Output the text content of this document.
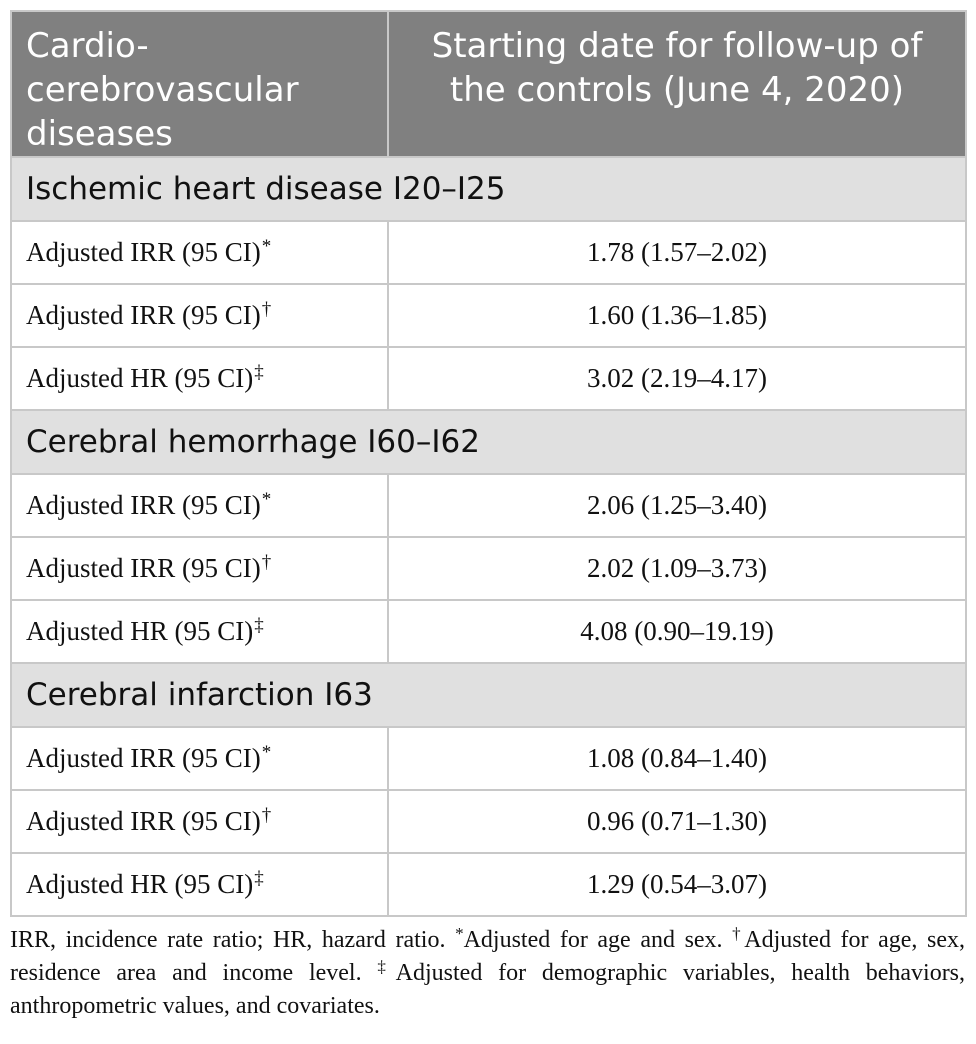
Cardio-cerebrovascular diseases	Starting date for follow-up of the controls (June 4, 2020)
Ischemic heart disease I20–I25	
Adjusted IRR (95 CI)*	1.78 (1.57–2.02)
Adjusted IRR (95 CI)†	1.60 (1.36–1.85)
Adjusted HR (95 CI)‡	3.02 (2.19–4.17)
Cerebral hemorrhage I60–I62	
Adjusted IRR (95 CI)*	2.06 (1.25–3.40)
Adjusted IRR (95 CI)†	2.02 (1.09–3.73)
Adjusted HR (95 CI)‡	4.08 (0.90–19.19)
Cerebral infarction I63	
Adjusted IRR (95 CI)*	1.08 (0.84–1.40)
Adjusted IRR (95 CI)†	0.96 (0.71–1.30)
Adjusted HR (95 CI)‡	1.29 (0.54–3.07)

IRR, incidence rate ratio; HR, hazard ratio. *Adjusted for age and sex. †Adjusted for age, sex, residence area and income level. ‡Adjusted for demographic variables, health behaviors, anthropometric values, and covariates.
